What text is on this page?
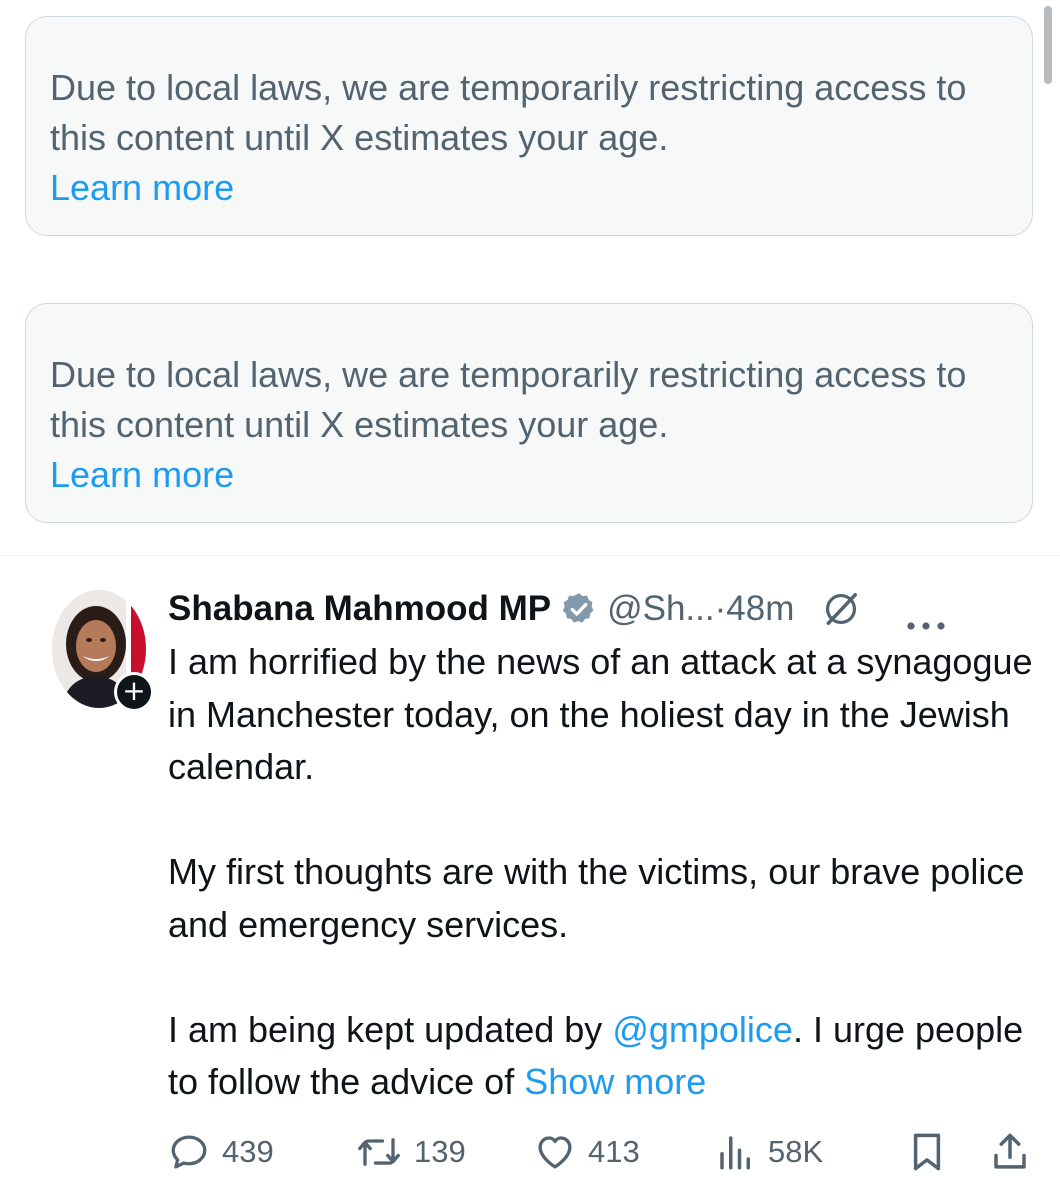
Due to local laws, we are temporarily restricting access to this content until X estimates your age.
Learn more
Due to local laws, we are temporarily restricting access to this content until X estimates your age.
Learn more
+
Shabana Mahmood MP @Sh... ·48m

I am horrified by the news of an attack at a synagogue in Manchester today, on the holiest day in the Jewish calendar.

My first thoughts are with the victims, our brave police and emergency services.

I am being kept updated by @gmpolice. I urge people to follow the advice of Show more

439	139	413	58K
